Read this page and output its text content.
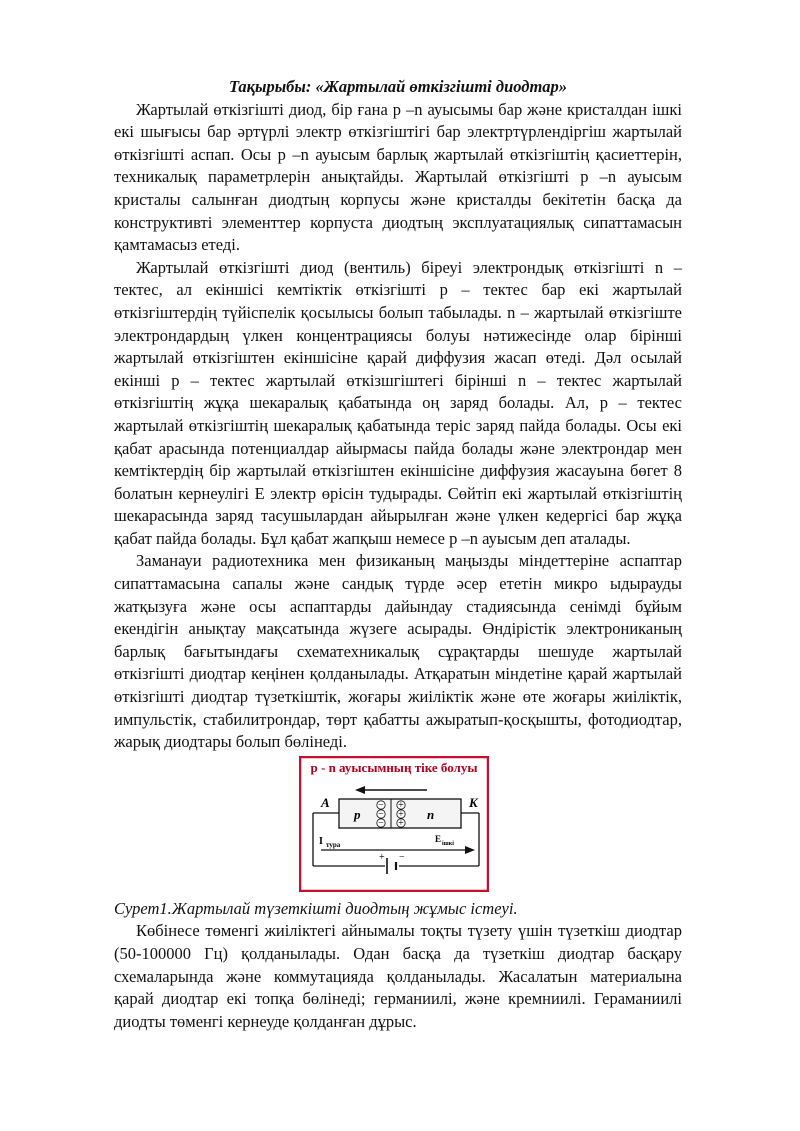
Тақырыбы: «Жартылай өткізгішті диодтар»

Жартылай өткізгішті диод, бір ғана р –n ауысымы бар және кристалдан ішкі екі шығысы бар әртүрлі электр өткізгіштігі бар электртүрлендіргіш жартылай өткізгішті аспап. Осы р –n ауысым барлық жартылай өткізгіштің қасиеттерін, техникалық параметрлерін анықтайды. Жартылай өткізгішті р –n ауысым кристалы салынған диодтың корпусы және кристалды бекітетін басқа да конструктивті элементтер корпуста диодтың эксплуатациялық сипаттамасын қамтамасыз етеді.

Жартылай өткізгішті диод (вентиль) біреуі электрондық өткізгішті n – тектес, ал екіншісі кемтіктік өткізгішті р – тектес бар екі жартылай өткізгіштердің түйіспелік қосылысы болып табылады. n – жартылай өткізгіште электрондардың үлкен концентрациясы болуы нәтижесінде олар бірінші жартылай өткізгіштен екіншісіне қарай диффузия жасап өтеді. Дәл осылай екінші р – тектес жартылай өткізшгіштегі бірінші n – тектес жартылай өткізгіштің жұқа шекаралық қабатында оң заряд болады. Ал, р – тектес жартылай өткізгіштің шекаралық қабатында теріс заряд пайда болады. Осы екі қабат арасында потенциалдар айырмасы пайда болады және электрондар мен кемтіктердің бір жартылай өткізгіштен екіншісіне диффузия жасауына бөгет 8 болатын кернеулігі Е электр өрісін тудырады. Сөйтіп екі жартылай өткізгіштің шекарасында заряд тасушылардан айырылған және үлкен кедергісі бар жұқа қабат пайда болады. Бұл қабат жапқыш немесе р –n ауысым деп аталады.

Заманауи радиотехника мен физиканың маңызды міндеттеріне аспаптар сипаттамасына сапалы және сандық түрде әсер ететін микро ыдырауды жатқызуға және осы аспаптарды дайындау стадиясында сенімді бұйым екендігін анықтау мақсатында жүзеге асырады. Өндірістік электрониканың барлық бағытындағы схематехникалық сұрақтарды шешуде жартылай өткізгішті диодтар кеңінен қолданылады. Атқаратын міндетіне қарай жартылай өткізгішті диодтар түзеткіштік, жоғары жиіліктік және өте жоғары жиіліктік, импульстік, стабилитрондар, төрт қабатты ажыратып-қосқышты, фотодиодтар, жарық диодтары болып бөлінеді.

p - n ауысымның тіке болуы
A	K
p	n
−
−
−
+
+
+
+ −
I тура
E ішкі

Сурет1.Жартылай түзеткішті диодтың жұмыс істеуі.

Көбінесе төменгі жиіліктегі айнымалы тоқты түзету үшін түзеткіш диодтар (50-100000 Гц) қолданылады. Одан басқа да түзеткіш диодтар басқару схемаларында және коммутацияда қолданылады. Жасалатын материалына қарай диодтар екі топқа бөлінеді; германиилі, және кремниилі. Гераманиилі диодты төменгі кернеуде қолданған дұрыс.
